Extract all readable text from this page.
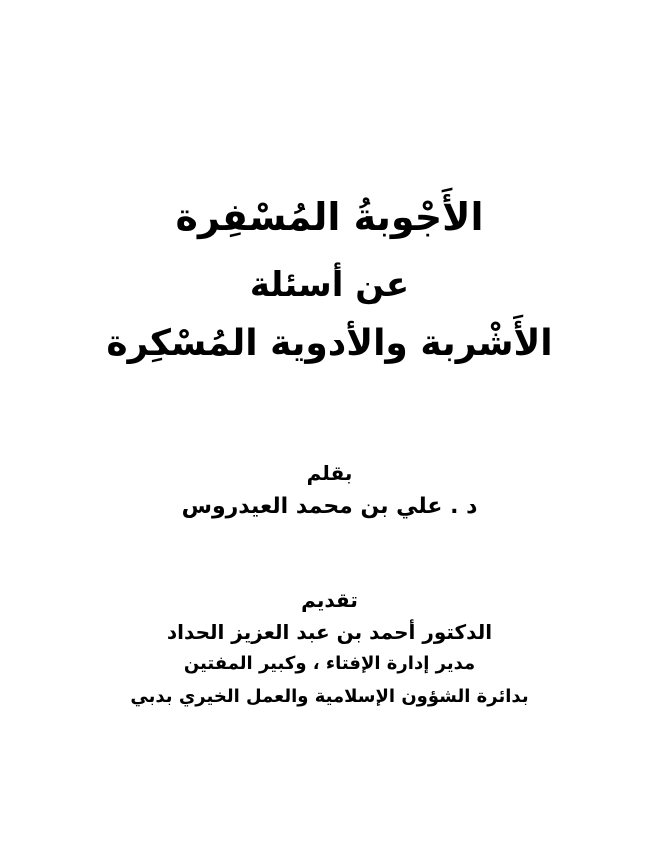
الأَجْوبةُ المُسْفِرة
عن أسئلة
الأَشْربة والأدوية المُسْكِرة
بقلم
د . علي بن محمد العيدروس
تقديم
الدكتور أحمد بن عبد العزيز الحداد
مدير إدارة الإفتاء ، وكبير المفتين
بدائرة الشؤون الإسلامية والعمل الخيري بدبي
